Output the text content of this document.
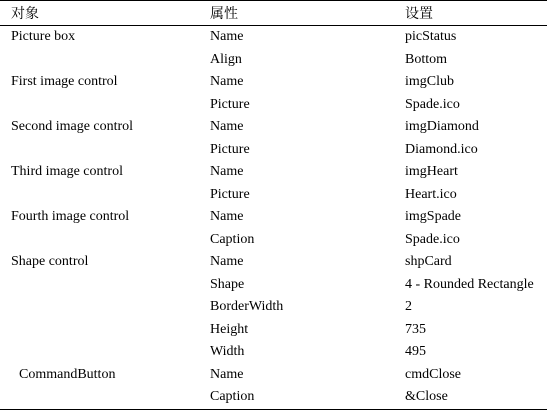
对象	属性	设置
Picture box	Name	picStatus
	Align	Bottom
First image control	Name	imgClub
	Picture	Spade.ico
Second image control	Name	imgDiamond
	Picture	Diamond.ico
Third image control	Name	imgHeart
	Picture	Heart.ico
Fourth image control	Name	imgSpade
	Caption	Spade.ico
Shape control	Name	shpCard
	Shape	4 - Rounded Rectangle
	BorderWidth	2
	Height	735
	Width	495
CommandButton	Name	cmdClose
	Caption	&Close
